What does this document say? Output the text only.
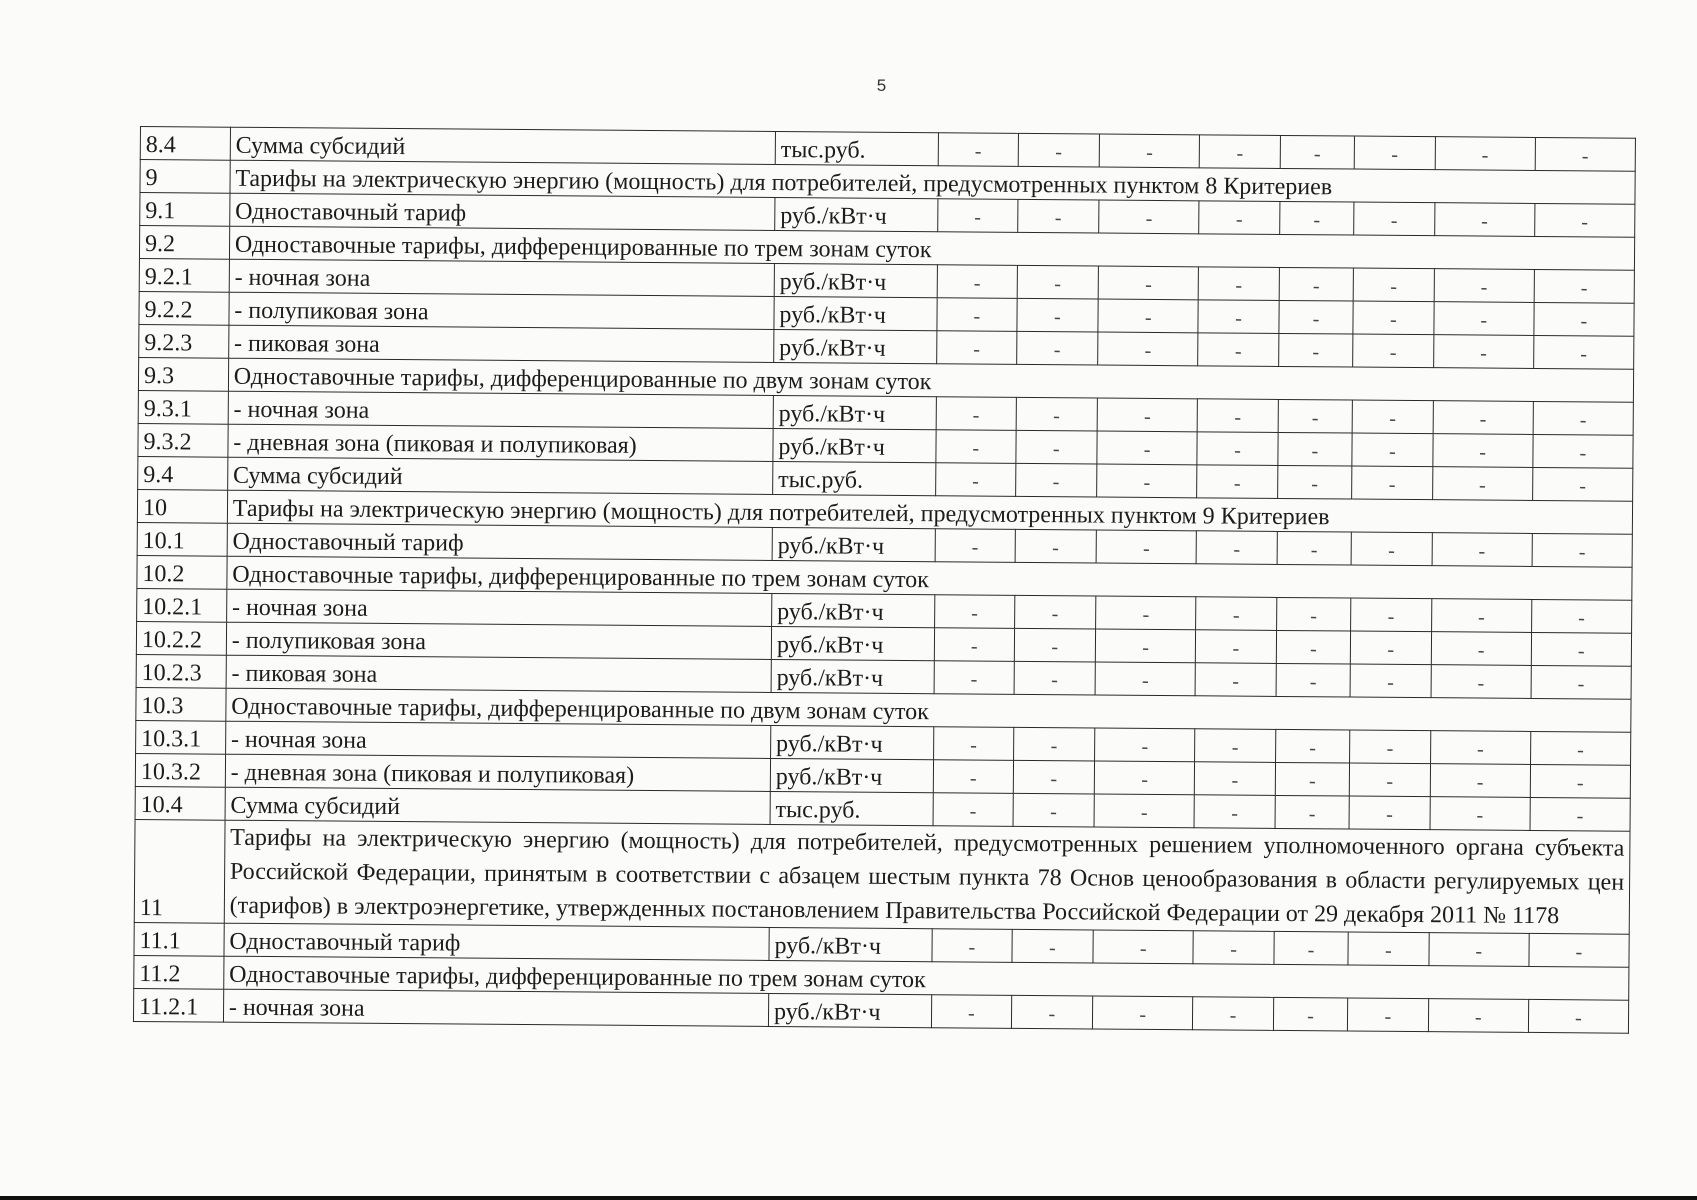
5
8.4	Сумма субсидий	тыс.руб.	-	-	-	-	-	-	-	-
9	Тарифы на электрическую энергию (мощность) для потребителей, предусмотренных пунктом 8 Критериев									
9.1	Одноставочный тариф	руб./кВт·ч	-	-	-	-	-	-	-	-
9.2	Одноставочные тарифы, дифференцированные по трем зонам суток									
9.2.1	- ночная зона	руб./кВт·ч	-	-	-	-	-	-	-	-
9.2.2	- полупиковая зона	руб./кВт·ч	-	-	-	-	-	-	-	-
9.2.3	- пиковая зона	руб./кВт·ч	-	-	-	-	-	-	-	-
9.3	Одноставочные тарифы, дифференцированные по двум зонам суток									
9.3.1	- ночная зона	руб./кВт·ч	-	-	-	-	-	-	-	-
9.3.2	- дневная зона (пиковая и полупиковая)	руб./кВт·ч	-	-	-	-	-	-	-	-
9.4	Сумма субсидий	тыс.руб.	-	-	-	-	-	-	-	-
10	Тарифы на электрическую энергию (мощность) для потребителей, предусмотренных пунктом 9 Критериев									
10.1	Одноставочный тариф	руб./кВт·ч	-	-	-	-	-	-	-	-
10.2	Одноставочные тарифы, дифференцированные по трем зонам суток									
10.2.1	- ночная зона	руб./кВт·ч	-	-	-	-	-	-	-	-
10.2.2	- полупиковая зона	руб./кВт·ч	-	-	-	-	-	-	-	-
10.2.3	- пиковая зона	руб./кВт·ч	-	-	-	-	-	-	-	-
10.3	Одноставочные тарифы, дифференцированные по двум зонам суток									
10.3.1	- ночная зона	руб./кВт·ч	-	-	-	-	-	-	-	-
10.3.2	- дневная зона (пиковая и полупиковая)	руб./кВт·ч	-	-	-	-	-	-	-	-
10.4	Сумма субсидий	тыс.руб.	-	-	-	-	-	-	-	-
11	Тарифы на электрическую энергию (мощность) для потребителей, предусмотренных решением уполномоченного органа субъекта Российской Федерации, принятым в соответствии с абзацем шестым пункта 78 Основ ценообразования в области регулируемых цен (тарифов) в электроэнергетике, утвержденных постановлением Правительства Российской Федерации от 29 декабря 2011 № 1178									
11.1	Одноставочный тариф	руб./кВт·ч	-	-	-	-	-	-	-	-
11.2	Одноставочные тарифы, дифференцированные по трем зонам суток									
11.2.1	- ночная зона	руб./кВт·ч	-	-	-	-	-	-	-	-
